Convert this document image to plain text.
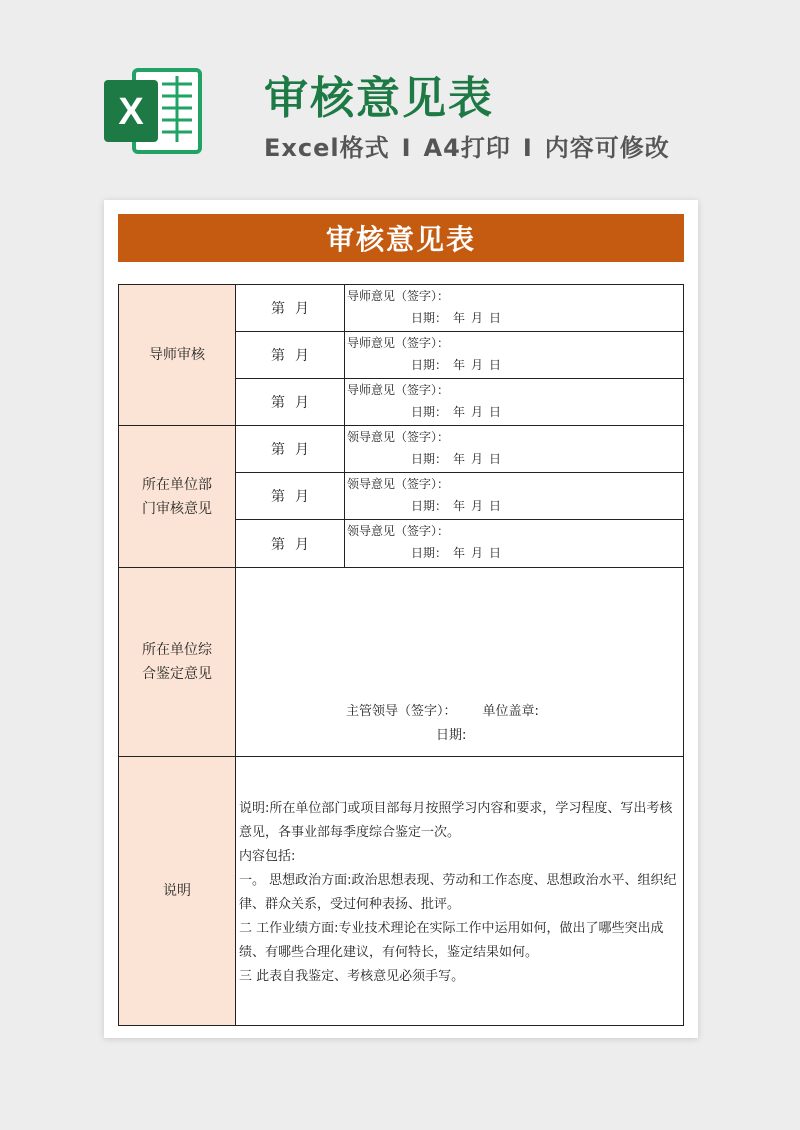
X	审核意见表
Excel格式 I A4打印 I 内容可修改
审核意见表
导师审核
第 月
导师意见（签字）：
日期： 年 月 日
第 月
导师意见（签字）：
日期： 年 月 日
第 月
导师意见（签字）：
日期： 年 月 日
所在单位部门审核意见
第 月
领导意见（签字）：
日期： 年 月 日
第 月
领导意见（签字）：
日期： 年 月 日
第 月
领导意见（签字）：
日期： 年 月 日
所在单位综合鉴定意见
主管领导（签字）： 单位盖章:
日期:
说明

说明:所在单位部门或项目部每月按照学习内容和要求，学习程度、写出考核意见，各事业部每季度综合鉴定一次。

内容包括:

一。 思想政治方面:政治思想表现、劳动和工作态度、思想政治水平、组织纪律、群众关系，受过何种表扬、批评。

二 工作业绩方面:专业技术理论在实际工作中运用如何，做出了哪些突出成绩、有哪些合理化建议，有何特长，鉴定结果如何。

三 此表自我鉴定、考核意见必须手写。
